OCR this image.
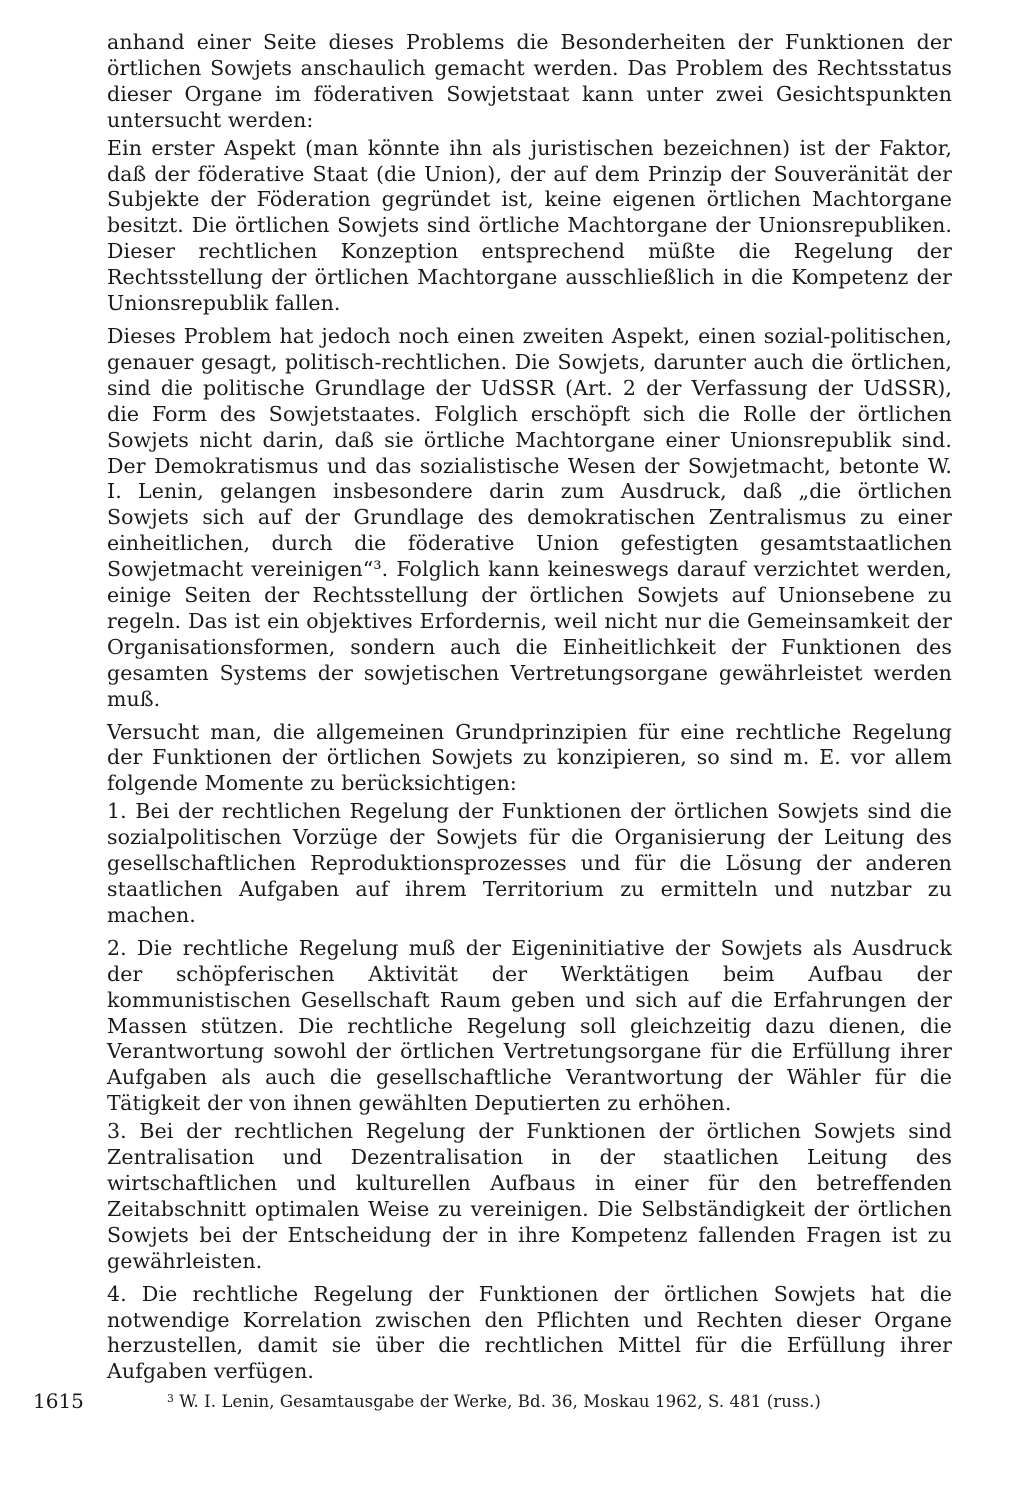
anhand einer Seite dieses Problems die Besonderheiten der Funktionen der örtlichen Sowjets anschaulich gemacht werden. Das Problem des Rechtsstatus dieser Organe im föderativen Sowjetstaat kann unter zwei Gesichtspunkten untersucht werden:

Ein erster Aspekt (man könnte ihn als juristischen bezeichnen) ist der Faktor, daß der föderative Staat (die Union), der auf dem Prinzip der Souveränität der Subjekte der Föderation gegründet ist, keine eigenen örtlichen Machtorgane besitzt. Die örtlichen Sowjets sind örtliche Machtorgane der Unionsrepubliken. Dieser rechtlichen Konzeption entsprechend müßte die Regelung der Rechtsstellung der örtlichen Machtorgane ausschließlich in die Kompetenz der Unionsrepublik fallen.

Dieses Problem hat jedoch noch einen zweiten Aspekt, einen sozial-politischen, genauer gesagt, politisch-rechtlichen. Die Sowjets, darunter auch die örtlichen, sind die politische Grundlage der UdSSR (Art. 2 der Verfassung der UdSSR), die Form des Sowjetstaates. Folglich erschöpft sich die Rolle der örtlichen Sowjets nicht darin, daß sie örtliche Machtorgane einer Unionsrepublik sind. Der Demokratismus und das sozialistische Wesen der Sowjetmacht, betonte W. I. Lenin, gelangen insbesondere darin zum Ausdruck, daß „die örtlichen Sowjets sich auf der Grundlage des demokratischen Zentralismus zu einer einheitlichen, durch die föderative Union gefestigten gesamtstaatlichen Sowjetmacht vereinigen“³. Folglich kann keineswegs darauf verzichtet werden, einige Seiten der Rechtsstellung der örtlichen Sowjets auf Unionsebene zu regeln. Das ist ein objektives Erfordernis, weil nicht nur die Gemeinsamkeit der Organisationsformen, sondern auch die Einheitlichkeit der Funktionen des gesamten Systems der sowjetischen Vertretungsorgane gewährleistet werden muß.

Versucht man, die allgemeinen Grundprinzipien für eine rechtliche Regelung der Funktionen der örtlichen Sowjets zu konzipieren, so sind m. E. vor allem folgende Momente zu berücksichtigen:

1. Bei der rechtlichen Regelung der Funktionen der örtlichen Sowjets sind die sozialpolitischen Vorzüge der Sowjets für die Organisierung der Leitung des gesellschaftlichen Reproduktionsprozesses und für die Lösung der anderen staatlichen Aufgaben auf ihrem Territorium zu ermitteln und nutzbar zu machen.

2. Die rechtliche Regelung muß der Eigeninitiative der Sowjets als Ausdruck der schöpferischen Aktivität der Werktätigen beim Aufbau der kommunistischen Gesellschaft Raum geben und sich auf die Erfahrungen der Massen stützen. Die rechtliche Regelung soll gleichzeitig dazu dienen, die Verantwortung sowohl der örtlichen Vertretungsorgane für die Erfüllung ihrer Aufgaben als auch die gesellschaftliche Verantwortung der Wähler für die Tätigkeit der von ihnen gewählten Deputierten zu erhöhen.

3. Bei der rechtlichen Regelung der Funktionen der örtlichen Sowjets sind Zentralisation und Dezentralisation in der staatlichen Leitung des wirtschaftlichen und kulturellen Aufbaus in einer für den betreffenden Zeitabschnitt optimalen Weise zu vereinigen. Die Selbständigkeit der örtlichen Sowjets bei der Entscheidung der in ihre Kompetenz fallenden Fragen ist zu gewährleisten.

4. Die rechtliche Regelung der Funktionen der örtlichen Sowjets hat die notwendige Korrelation zwischen den Pflichten und Rechten dieser Organe herzustellen, damit sie über die rechtlichen Mittel für die Erfüllung ihrer Aufgaben verfügen.

1615	$^3$ W. I. Lenin, Gesamtausgabe der Werke, Bd. 36, Moskau 1962, S. 481 (russ.)
